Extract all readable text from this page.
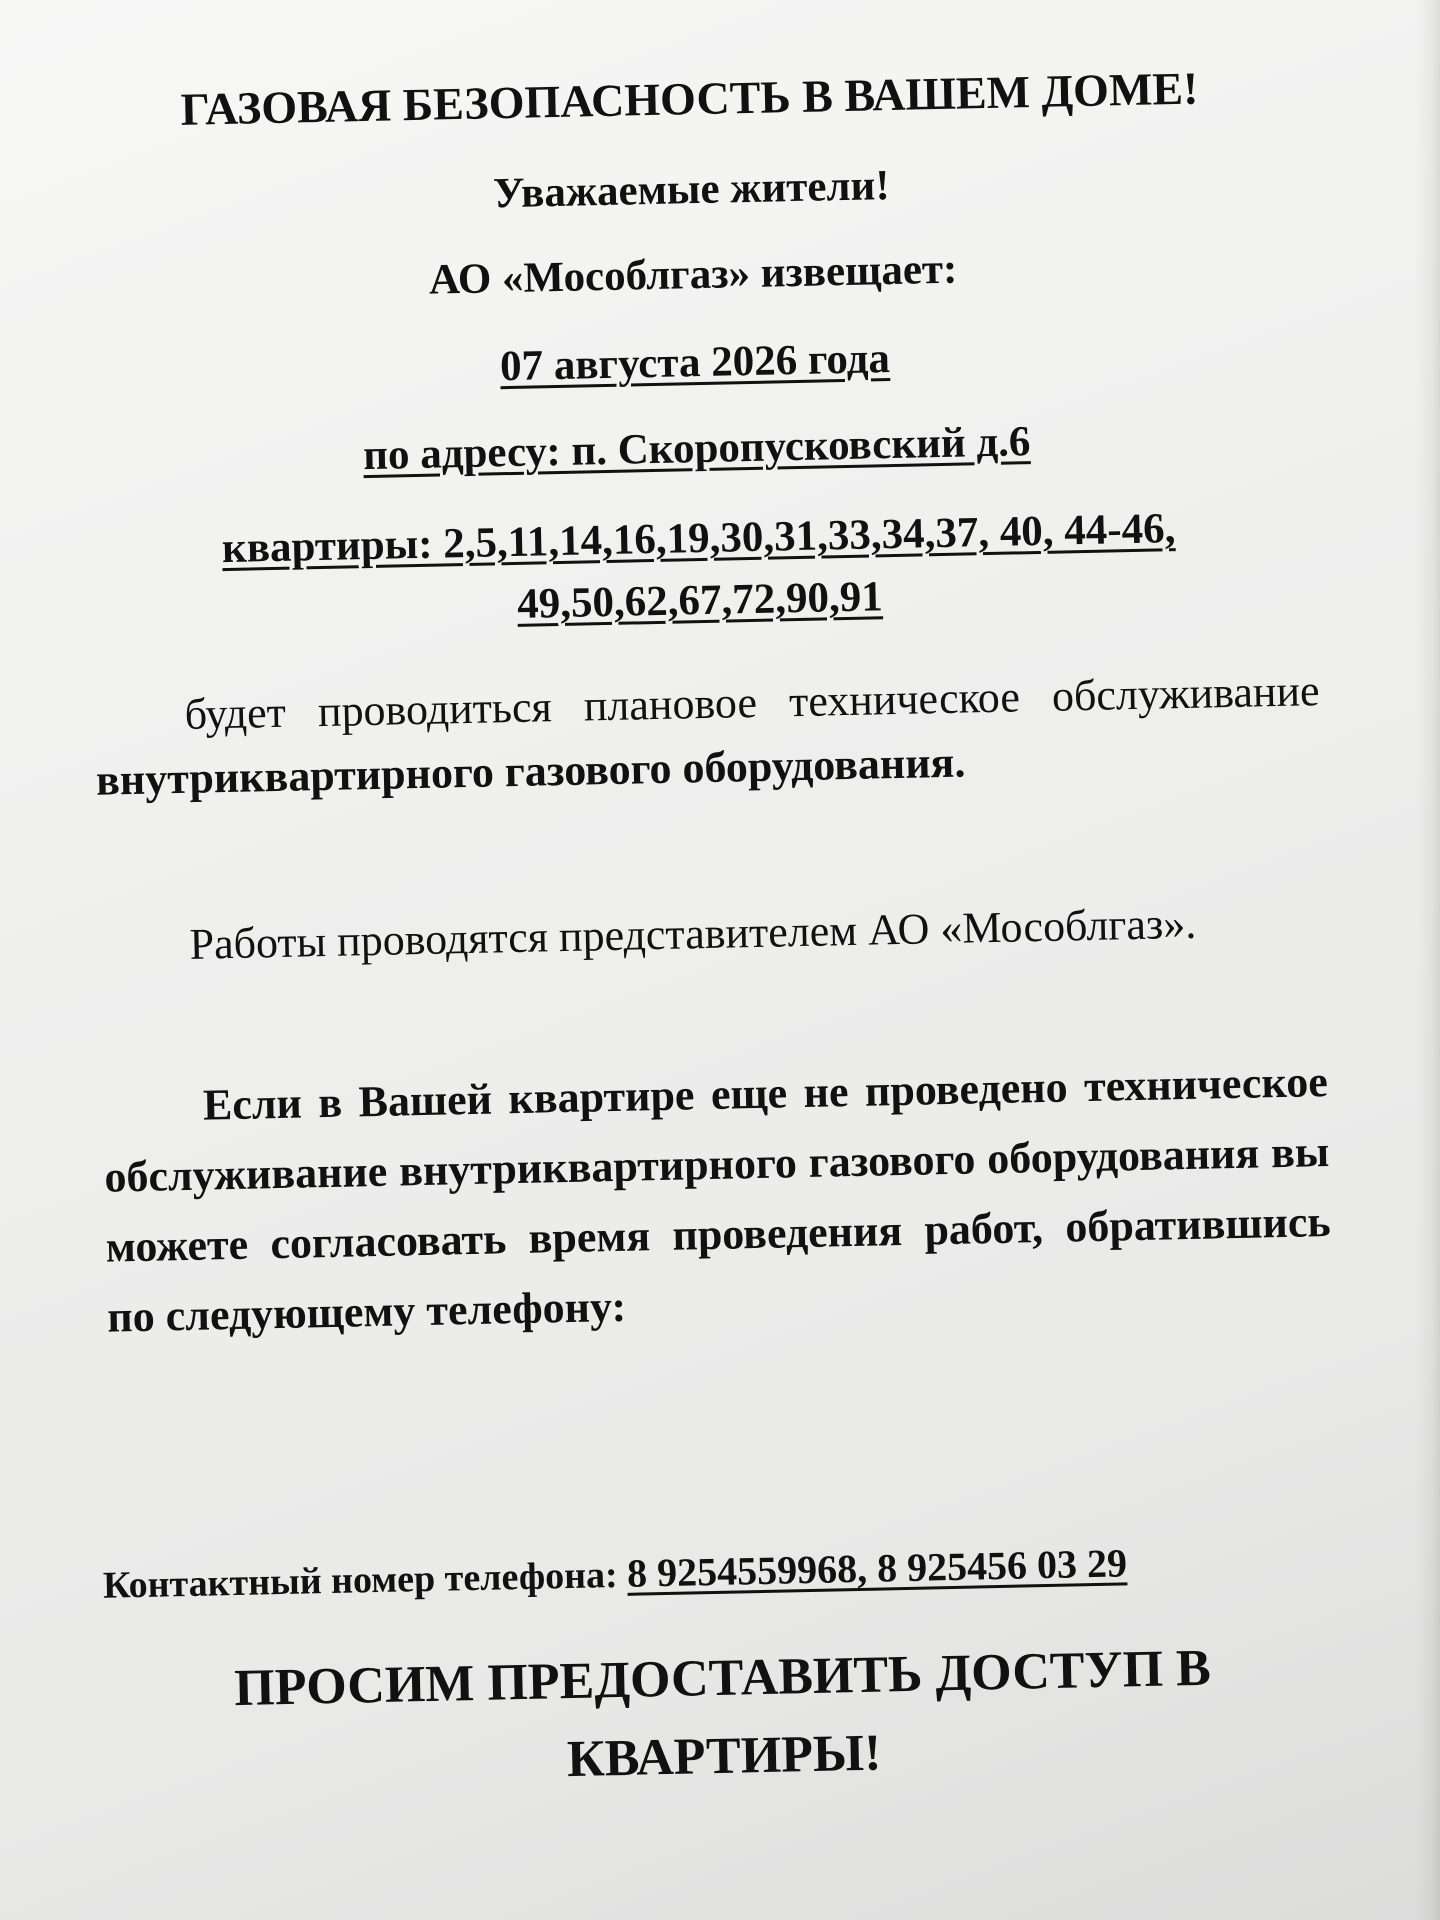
ГАЗОВАЯ БЕЗОПАСНОСТЬ В ВАШЕМ ДОМЕ!
Уважаемые жители!
АО «Мособлгаз» извещает:
07 августа 2026 года
по адресу: п. Скоропусковский д.6
квартиры: 2,5,11,14,16,19,30,31,33,34,37, 40, 44-46,
49,50,62,67,72,90,91
будет проводиться плановое техническое обслуживание внутриквартирного газового оборудования.
Работы проводятся представителем АО «Мособлгаз».
Если в Вашей квартире еще не проведено техническое обслуживание внутриквартирного газового оборудования вы можете согласовать время проведения работ, обратившись по следующему телефону:
Контактный номер телефона: 8 9254559968, 8 925456 03 29
ПРОСИМ ПРЕДОСТАВИТЬ ДОСТУП В КВАРТИРЫ!
